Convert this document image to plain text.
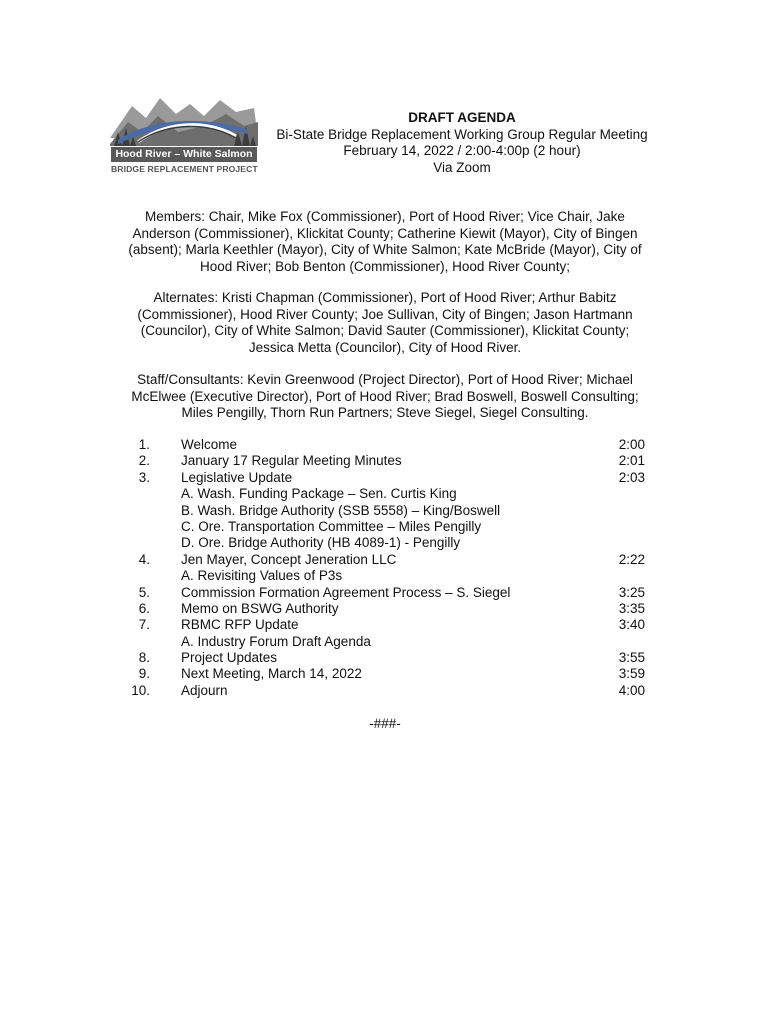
Hood River – White Salmon
BRIDGE REPLACEMENT PROJECT
DRAFT AGENDA
Bi-State Bridge Replacement Working Group Regular Meeting
February 14, 2022 / 2:00-4:00p (2 hour)
Via Zoom
Members: Chair, Mike Fox (Commissioner), Port of Hood River; Vice Chair, Jake
Anderson (Commissioner), Klickitat County; Catherine Kiewit (Mayor), City of Bingen
(absent); Marla Keethler (Mayor), City of White Salmon; Kate McBride (Mayor), City of
Hood River; Bob Benton (Commissioner), Hood River County;
Alternates: Kristi Chapman (Commissioner), Port of Hood River; Arthur Babitz
(Commissioner), Hood River County; Joe Sullivan, City of Bingen; Jason Hartmann
(Councilor), City of White Salmon; David Sauter (Commissioner), Klickitat County;
Jessica Metta (Councilor), City of Hood River.
Staff/Consultants: Kevin Greenwood (Project Director), Port of Hood River; Michael
McElwee (Executive Director), Port of Hood River; Brad Boswell, Boswell Consulting;
Miles Pengilly, Thorn Run Partners; Steve Siegel, Siegel Consulting.
1. Welcome	2:00
2. January 17 Regular Meeting Minutes	2:01
3. Legislative Update	2:03
A. Wash. Funding Package – Sen. Curtis King
B. Wash. Bridge Authority (SSB 5558) – King/Boswell
C. Ore. Transportation Committee – Miles Pengilly
D. Ore. Bridge Authority (HB 4089-1) - Pengilly
4. Jen Mayer, Concept Jeneration LLC	2:22
A. Revisiting Values of P3s
5. Commission Formation Agreement Process – S. Siegel	3:25
6. Memo on BSWG Authority	3:35
7. RBMC RFP Update	3:40
A. Industry Forum Draft Agenda
8. Project Updates	3:55
9. Next Meeting, March 14, 2022	3:59
10. Adjourn	4:00
-###-
